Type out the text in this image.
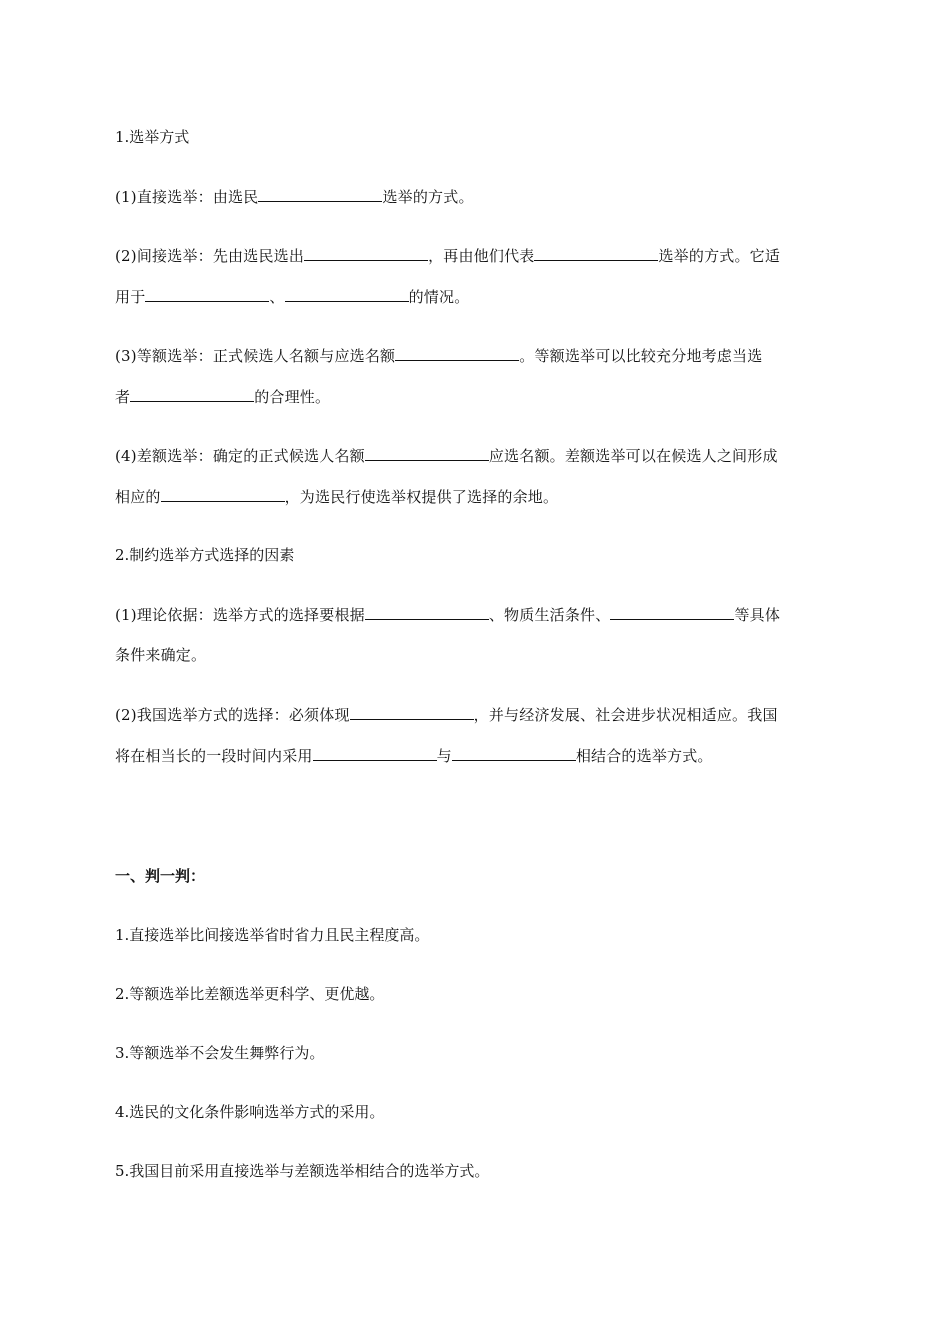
1.选举方式
(1)直接选举：由选民	选举的方式。
(2)间接选举：先由选民选出	，再由他们代表	选举的方式。它适
用于	、	的情况。
(3)等额选举：正式候选人名额与应选名额	。等额选举可以比较充分地考虑当选
者	的合理性。
(4)差额选举：确定的正式候选人名额	应选名额。差额选举可以在候选人之间形成
相应的	，为选民行使选举权提供了选择的余地。
2.制约选举方式选择的因素
(1)理论依据：选举方式的选择要根据	、物质生活条件、	等具体
条件来确定。
(2)我国选举方式的选择：必须体现	，并与经济发展、社会进步状况相适应。我国
将在相当长的一段时间内采用	与	相结合的选举方式。
一、判一判：
1.直接选举比间接选举省时省力且民主程度高。
2.等额选举比差额选举更科学、更优越。
3.等额选举不会发生舞弊行为。
4.选民的文化条件影响选举方式的采用。
5.我国目前采用直接选举与差额选举相结合的选举方式。
